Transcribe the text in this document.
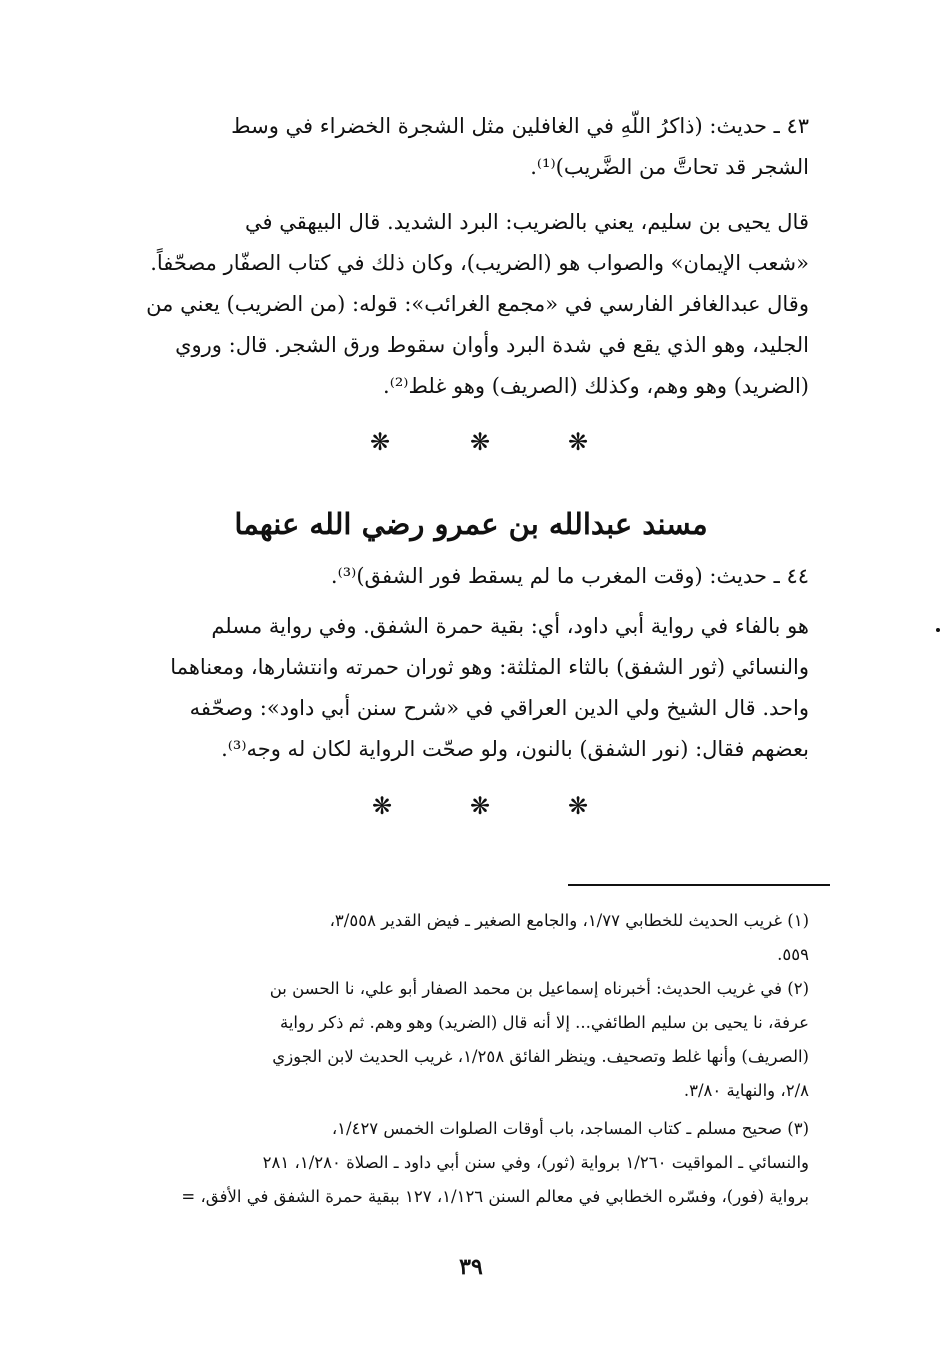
٤٣ ـ حديث: (ذاكرُ اللّهِ في الغافلين مثل الشجرة الخضراء في وسط
الشجر قد تحاتَّ من الضَّريب)⁽¹⁾.
قال يحيى بن سليم، يعني بالضريب: البرد الشديد. قال البيهقي في
«شعب الإيمان» والصواب هو (الضريب)، وكان ذلك في كتاب الصفّار مصحّفاً.
وقال عبدالغافر الفارسي في «مجمع الغرائب»: قوله: (من الضريب) يعني من
الجليد، وهو الذي يقع في شدة البرد وأوان سقوط ورق الشجر. قال: وروي
(الضريد) وهو وهم، وكذلك (الصريف) وهو غلط⁽²⁾.
❋	❋	❋
مسند عبدالله بن عمرو رضي الله عنهما
٤٤ ـ حديث: (وقت المغرب ما لم يسقط فور الشفق)⁽³⁾.
هو بالفاء في رواية أبي داود، أي: بقية حمرة الشفق. وفي رواية مسلم
والنسائي (ثور الشفق) بالثاء المثلثة: وهو ثوران حمرته وانتشارها، ومعناهما
واحد. قال الشيخ ولي الدين العراقي في «شرح سنن أبي داود»: وصحّفه
بعضهم فقال: (نور الشفق) بالنون، ولو صحّت الرواية لكان له وجه⁽³⁾.
❋	❋	❋
(١) غريب الحديث للخطابي ١/٧٧، والجامع الصغير ـ فيض القدير ٣/٥٥٨،
٥٥٩.
(٢) في غريب الحديث: أخبرناه إسماعيل بن محمد الصفار أبو علي، نا الحسن بن
عرفة، نا يحيى بن سليم الطائفي... إلا أنه قال (الضريد) وهو وهم. ثم ذكر رواية
(الصريف) وأنها غلط وتصحيف. وينظر الفائق ١/٢٥٨، غريب الحديث لابن الجوزي
٢/٨، والنهاية ٣/٨٠.
(٣) صحيح مسلم ـ كتاب المساجد، باب أوقات الصلوات الخمس ١/٤٢٧،
والنسائي ـ المواقيت ١/٢٦٠ برواية (ثور)، وفي سنن أبي داود ـ الصلاة ١/٢٨٠، ٢٨١
برواية (فور)، وفسّره الخطابي في معالم السنن ١/١٢٦، ١٢٧ ببقية حمرة الشفق في الأفق، =
٣٩
